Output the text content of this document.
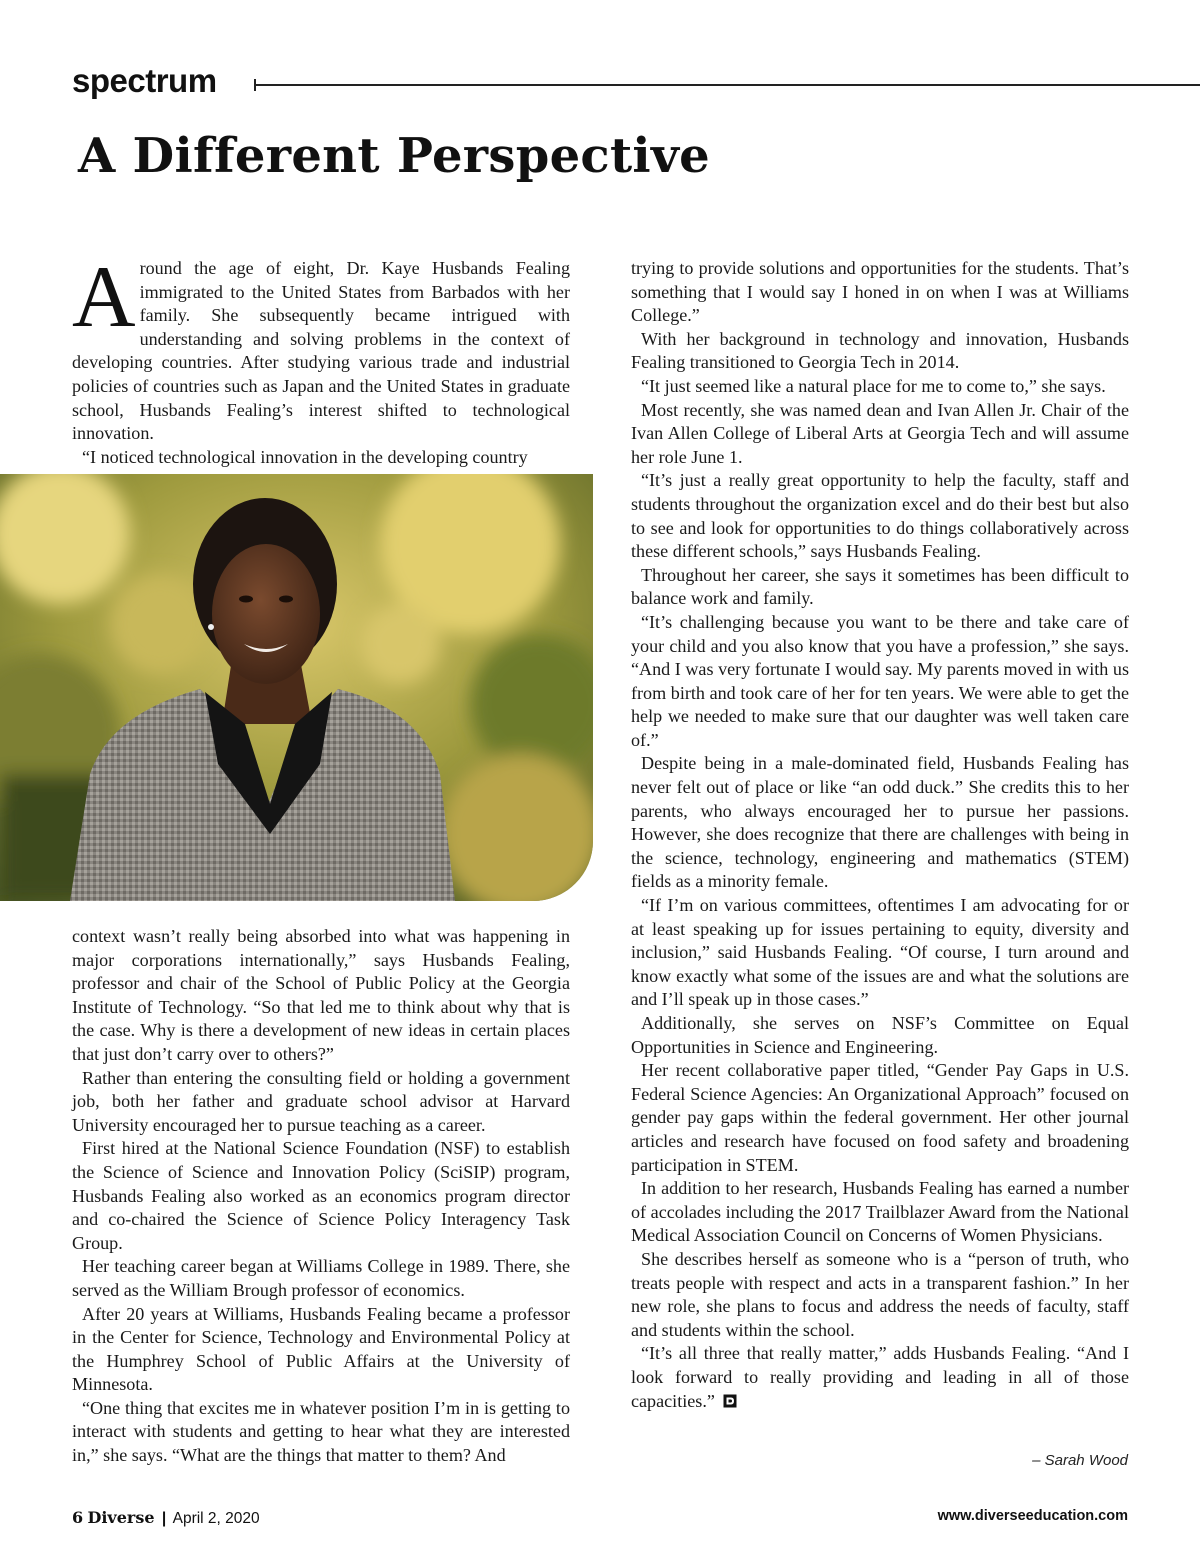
spectrum
A Different Perspective

Around the age of eight, Dr. Kaye Husbands Fealing immigrated to the United States from Barbados with her family. She subsequently became intrigued with understanding and solving problems in the context of developing countries. After studying various trade and industrial policies of countries such as Japan and the United States in graduate school, Husbands Fealing’s interest shifted to technological innovation.

“I noticed technological innovation in the developing country

context wasn’t really being absorbed into what was happening in major corporations internationally,” says Husbands Fealing, professor and chair of the School of Public Policy at the Georgia Institute of Technology. “So that led me to think about why that is the case. Why is there a development of new ideas in certain places that just don’t carry over to others?”

Rather than entering the consulting field or holding a government job, both her father and graduate school advisor at Harvard University encouraged her to pursue teaching as a career.

First hired at the National Science Foundation (NSF) to establish the Science of Science and Innovation Policy (SciSIP) program, Husbands Fealing also worked as an economics program director and co-chaired the Science of Science Policy Interagency Task Group.

Her teaching career began at Williams College in 1989. There, she served as the William Brough professor of economics.

After 20 years at Williams, Husbands Fealing became a professor in the Center for Science, Technology and Environmental Policy at the Humphrey School of Public Affairs at the University of Minnesota.

“One thing that excites me in whatever position I’m in is getting to interact with students and getting to hear what they are interested in,” she says. “What are the things that matter to them? And

trying to provide solutions and opportunities for the students. That’s something that I would say I honed in on when I was at Williams College.”

With her background in technology and innovation, Husbands Fealing transitioned to Georgia Tech in 2014.

“It just seemed like a natural place for me to come to,” she says.

Most recently, she was named dean and Ivan Allen Jr. Chair of the Ivan Allen College of Liberal Arts at Georgia Tech and will assume her role June 1.

“It’s just a really great opportunity to help the faculty, staff and students throughout the organization excel and do their best but also to see and look for opportunities to do things collaboratively across these different schools,” says Husbands Fealing.

Throughout her career, she says it sometimes has been difficult to balance work and family.

“It’s challenging because you want to be there and take care of your child and you also know that you have a profession,” she says. “And I was very fortunate I would say. My parents moved in with us from birth and took care of her for ten years. We were able to get the help we needed to make sure that our daughter was well taken care of.”

Despite being in a male-dominated field, Husbands Fealing has never felt out of place or like “an odd duck.” She credits this to her parents, who always encouraged her to pursue her passions. However, she does recognize that there are challenges with being in the science, technology, engineering and mathematics (STEM) fields as a minority female.

“If I’m on various committees, oftentimes I am advocating for or at least speaking up for issues pertaining to equity, diversity and inclusion,” said Husbands Fealing. “Of course, I turn around and know exactly what some of the issues are and what the solutions are and I’ll speak up in those cases.”

Additionally, she serves on NSF’s Committee on Equal Opportunities in Science and Engineering.

Her recent collaborative paper titled, “Gender Pay Gaps in U.S. Federal Science Agencies: An Organizational Approach” focused on gender pay gaps within the federal government. Her other journal articles and research have focused on food safety and broadening participation in STEM.

In addition to her research, Husbands Fealing has earned a number of accolades including the 2017 Trailblazer Award from the National Medical Association Council on Concerns of Women Physicians.

She describes herself as someone who is a “person of truth, who treats people with respect and acts in a transparent fashion.” In her new role, she plans to focus and address the needs of faculty, staff and students within the school.

“It’s all three that really matter,” adds Husbands Fealing. “And I look forward to really providing and leading in all of those capacities.”

– Sarah Wood
6 Diverse | April 2, 2020	www.diverseeducation.com
